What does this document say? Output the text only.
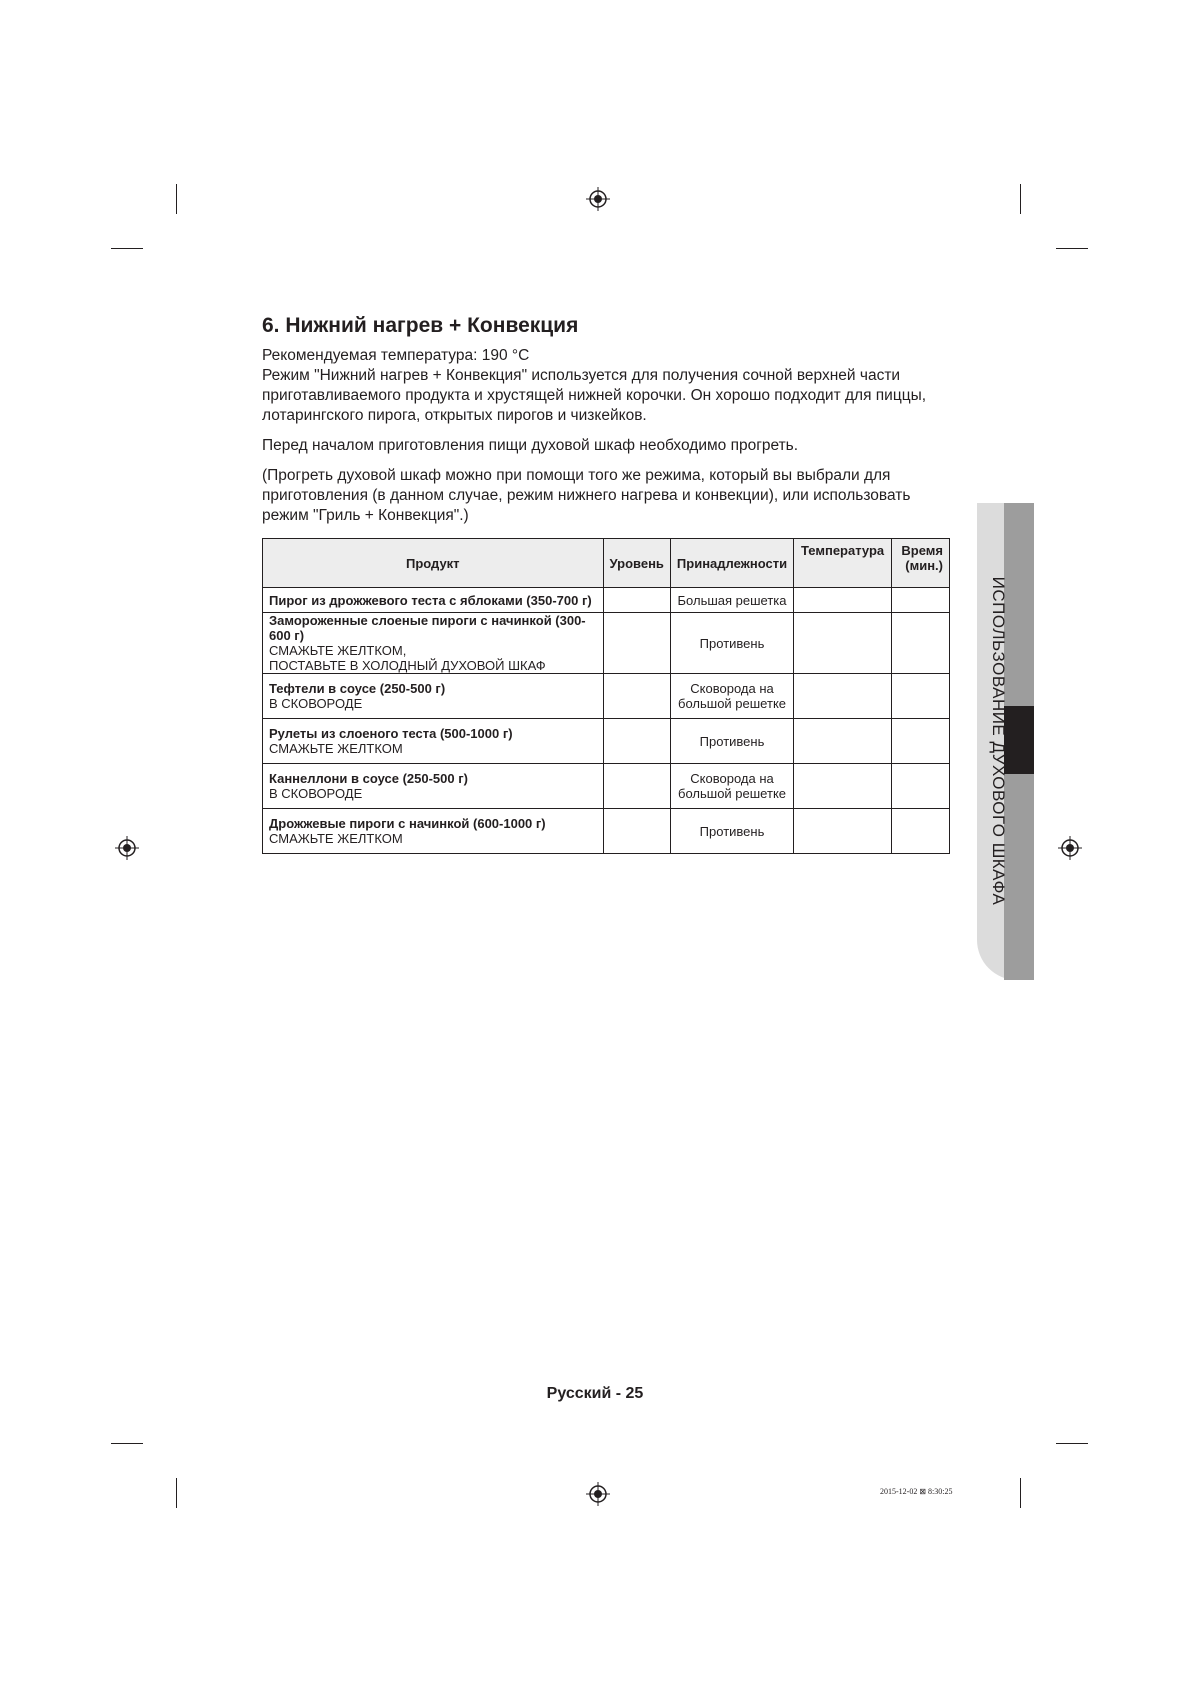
ИСПОЛЬЗОВАНИЕ ДУХОВОГО ШКАФА
6. Нижний нагрев + Конвекция

Рекомендуемая температура: 190 °C

Режим "Нижний нагрев + Конвекция" используется для получения сочной верхней части приготавливаемого продукта и хрустящей нижней корочки. Он хорошо подходит для пиццы, лотарингского пирога, открытых пирогов и чизкейков.

Перед началом приготовления пищи духовой шкаф необходимо прогреть.

(Прогреть духовой шкаф можно при помощи того же режима, который вы выбрали для приготовления (в данном случае, режим нижнего нагрева и конвекции), или использовать режим "Гриль + Конвекция".)

Продукт	Уровень	Принадлежности	Температура	Время (мин.)

Пирог из дрожжевого теста с яблоками (350-700 г)		Большая решетка		

Замороженные слоеные пироги с начинкой (300-600 г)
СМАЖЬТЕ ЖЕЛТКОМ,
ПОСТАВЬТЕ В ХОЛОДНЫЙ ДУХОВОЙ ШКАФ		Противень		

Тефтели в соусе (250-500 г)
В СКОВОРОДЕ		Сковорода на большой решетке		

Рулеты из слоеного теста (500-1000 г)
СМАЖЬТЕ ЖЕЛТКОМ		Противень		

Каннеллони в соусе (250-500 г)
В СКОВОРОДЕ		Сковорода на большой решетке		

Дрожжевые пироги с начинкой (600-1000 г)
СМАЖЬТЕ ЖЕЛТКОМ		Противень		
Русский - 25
2015-12-02 ⊠ 8:30:25
